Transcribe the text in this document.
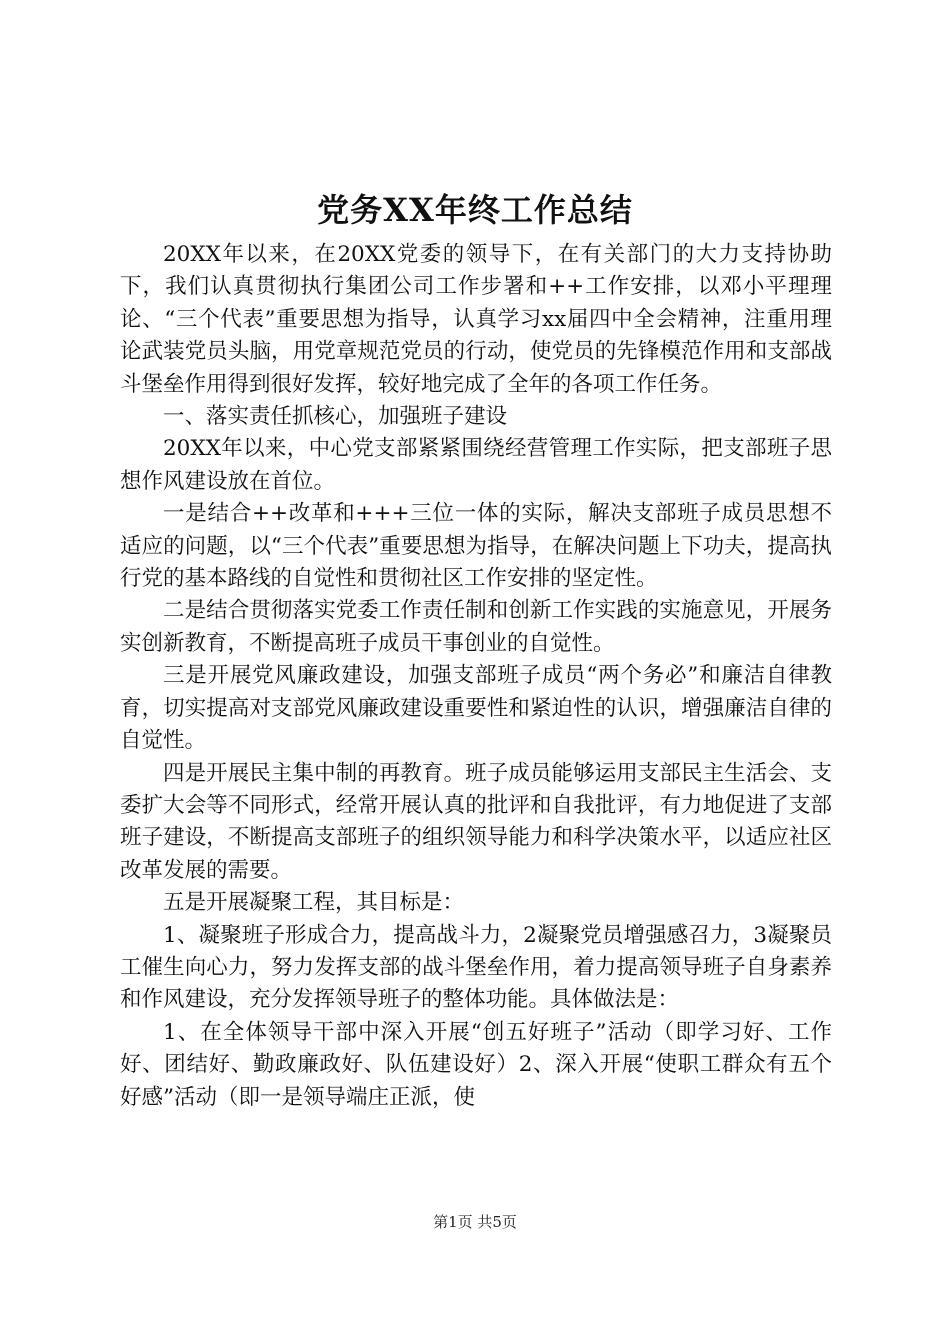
党务XX年终工作总结

20XX年以来，在20XX党委的领导下，在有关部门的大力支持协助下，我们认真贯彻执行集团公司工作步署和++工作安排，以邓小平理理论、“三个代表”重要思想为指导，认真学习xx届四中全会精神，注重用理论武装党员头脑，用党章规范党员的行动，使党员的先锋模范作用和支部战斗堡垒作用得到很好发挥，较好地完成了全年的各项工作任务。

一、落实责任抓核心，加强班子建设

20XX年以来，中心党支部紧紧围绕经营管理工作实际，把支部班子思想作风建设放在首位。

一是结合++改革和+++三位一体的实际，解决支部班子成员思想不适应的问题，以“三个代表”重要思想为指导，在解决问题上下功夫，提高执行党的基本路线的自觉性和贯彻社区工作安排的坚定性。

二是结合贯彻落实党委工作责任制和创新工作实践的实施意见，开展务实创新教育，不断提高班子成员干事创业的自觉性。

三是开展党风廉政建设，加强支部班子成员“两个务必”和廉洁自律教育，切实提高对支部党风廉政建设重要性和紧迫性的认识，增强廉洁自律的自觉性。

四是开展民主集中制的再教育。班子成员能够运用支部民主生活会、支委扩大会等不同形式，经常开展认真的批评和自我批评，有力地促进了支部班子建设，不断提高支部班子的组织领导能力和科学决策水平，以适应社区改革发展的需要。

五是开展凝聚工程，其目标是：

1、凝聚班子形成合力，提高战斗力，2凝聚党员增强感召力，3凝聚员工催生向心力，努力发挥支部的战斗堡垒作用，着力提高领导班子自身素养和作风建设，充分发挥领导班子的整体功能。具体做法是：

1、在全体领导干部中深入开展“创五好班子”活动（即学习好、工作好、团结好、勤政廉政好、队伍建设好）2、深入开展“使职工群众有五个好感”活动（即一是领导端庄正派，使

第1页 共5页
